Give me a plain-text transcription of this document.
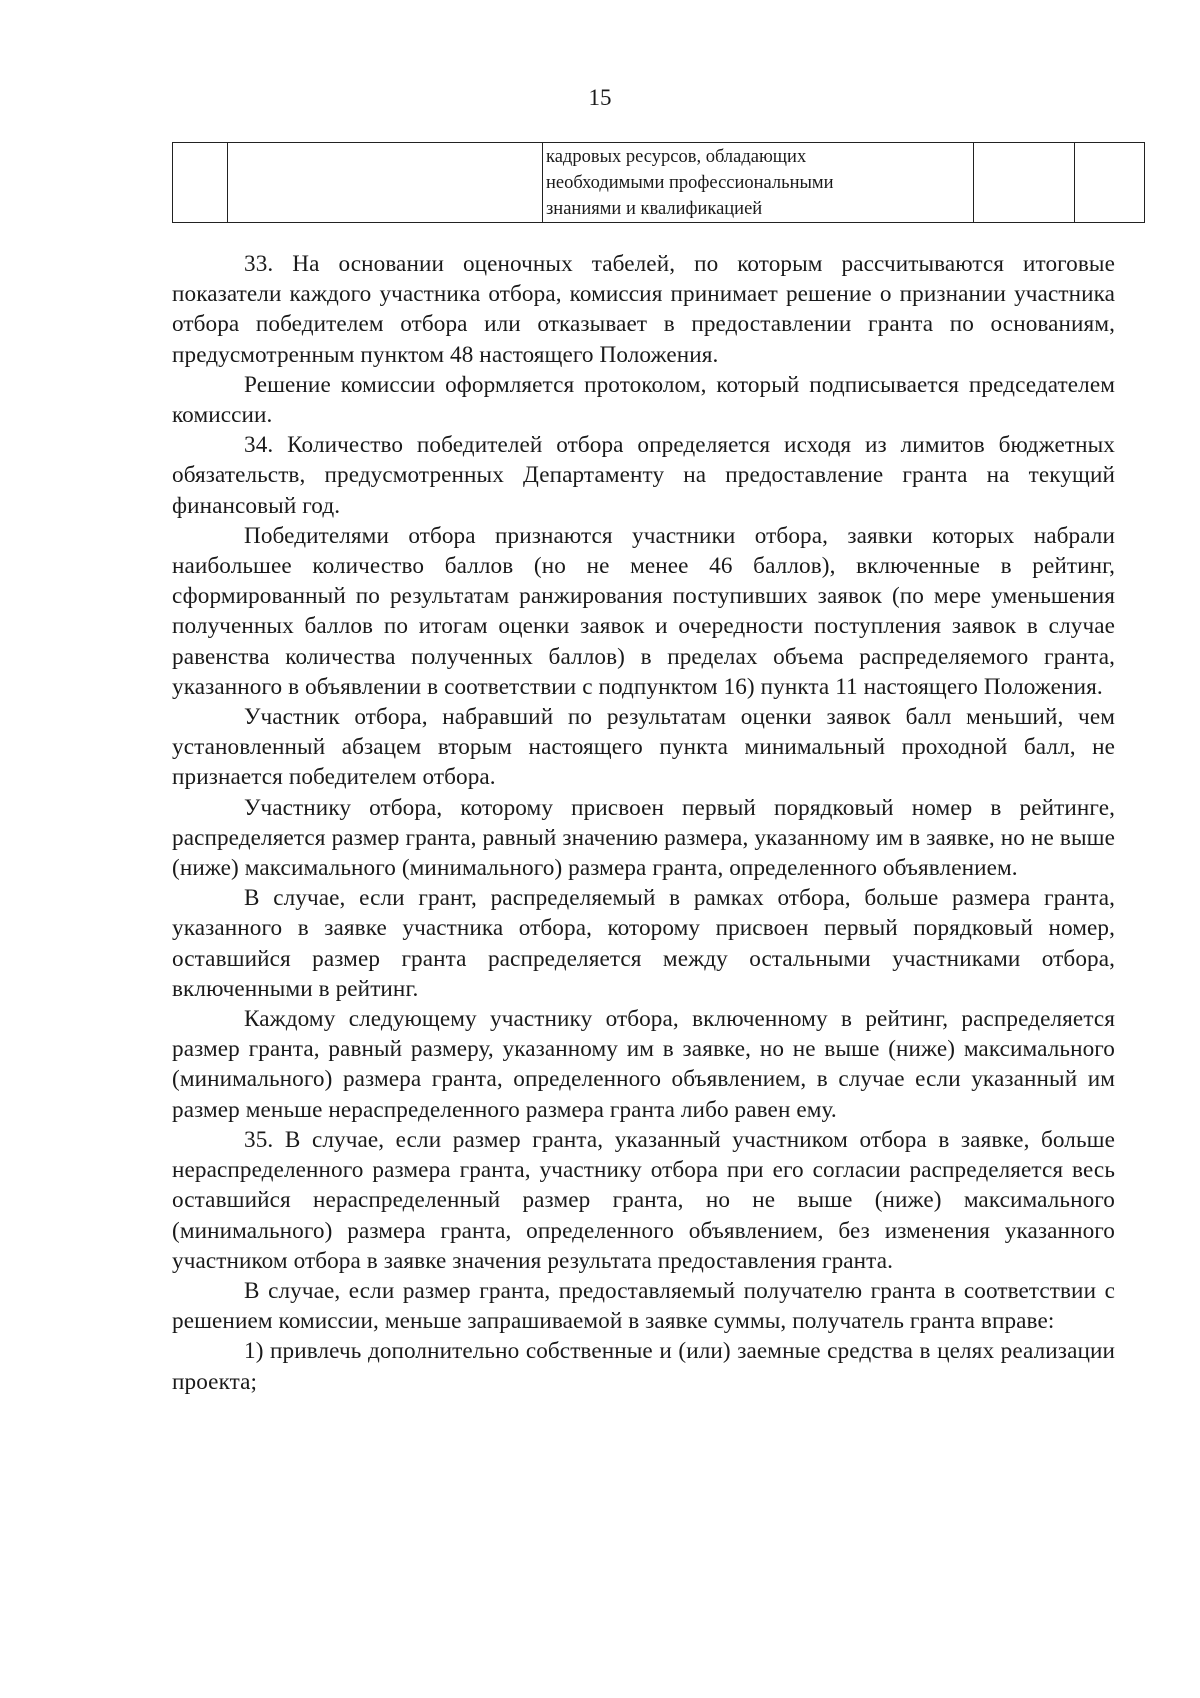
15

кадровых ресурсов, обладающих
необходимыми профессиональными
знаниями и квалификацией

33. На основании оценочных табелей, по которым рассчитываются итоговые показатели каждого участника отбора, комиссия принимает решение о признании участника отбора победителем отбора или отказывает в предоставлении гранта по основаниям, предусмотренным пунктом 48 настоящего Положения.

Решение комиссии оформляется протоколом, который подписывается председателем комиссии.

34. Количество победителей отбора определяется исходя из лимитов бюджетных обязательств, предусмотренных Департаменту на предоставление гранта на текущий финансовый год.

Победителями отбора признаются участники отбора, заявки которых набрали наибольшее количество баллов (но не менее 46 баллов), включенные в рейтинг, сформированный по результатам ранжирования поступивших заявок (по мере уменьшения полученных баллов по итогам оценки заявок и очередности поступления заявок в случае равенства количества полученных баллов) в пределах объема распределяемого гранта, указанного в объявлении в соответствии с подпунктом 16) пункта 11 настоящего Положения.

Участник отбора, набравший по результатам оценки заявок балл меньший, чем установленный абзацем вторым настоящего пункта минимальный проходной балл, не признается победителем отбора.

Участнику отбора, которому присвоен первый порядковый номер в рейтинге, распределяется размер гранта, равный значению размера, указанному им в заявке, но не выше (ниже) максимального (минимального) размера гранта, определенного объявлением.

В случае, если грант, распределяемый в рамках отбора, больше размера гранта, указанного в заявке участника отбора, которому присвоен первый порядковый номер, оставшийся размер гранта распределяется между остальными участниками отбора, включенными в рейтинг.

Каждому следующему участнику отбора, включенному в рейтинг, распределяется размер гранта, равный размеру, указанному им в заявке, но не выше (ниже) максимального (минимального) размера гранта, определенного объявлением, в случае если указанный им размер меньше нераспределенного размера гранта либо равен ему.

35. В случае, если размер гранта, указанный участником отбора в заявке, больше нераспределенного размера гранта, участнику отбора при его согласии распределяется весь оставшийся нераспределенный размер гранта, но не выше (ниже) максимального (минимального) размера гранта, определенного объявлением, без изменения указанного участником отбора в заявке значения результата предоставления гранта.

В случае, если размер гранта, предоставляемый получателю гранта в соответствии с решением комиссии, меньше запрашиваемой в заявке суммы, получатель гранта вправе:

1) привлечь дополнительно собственные и (или) заемные средства в целях реализации проекта;
